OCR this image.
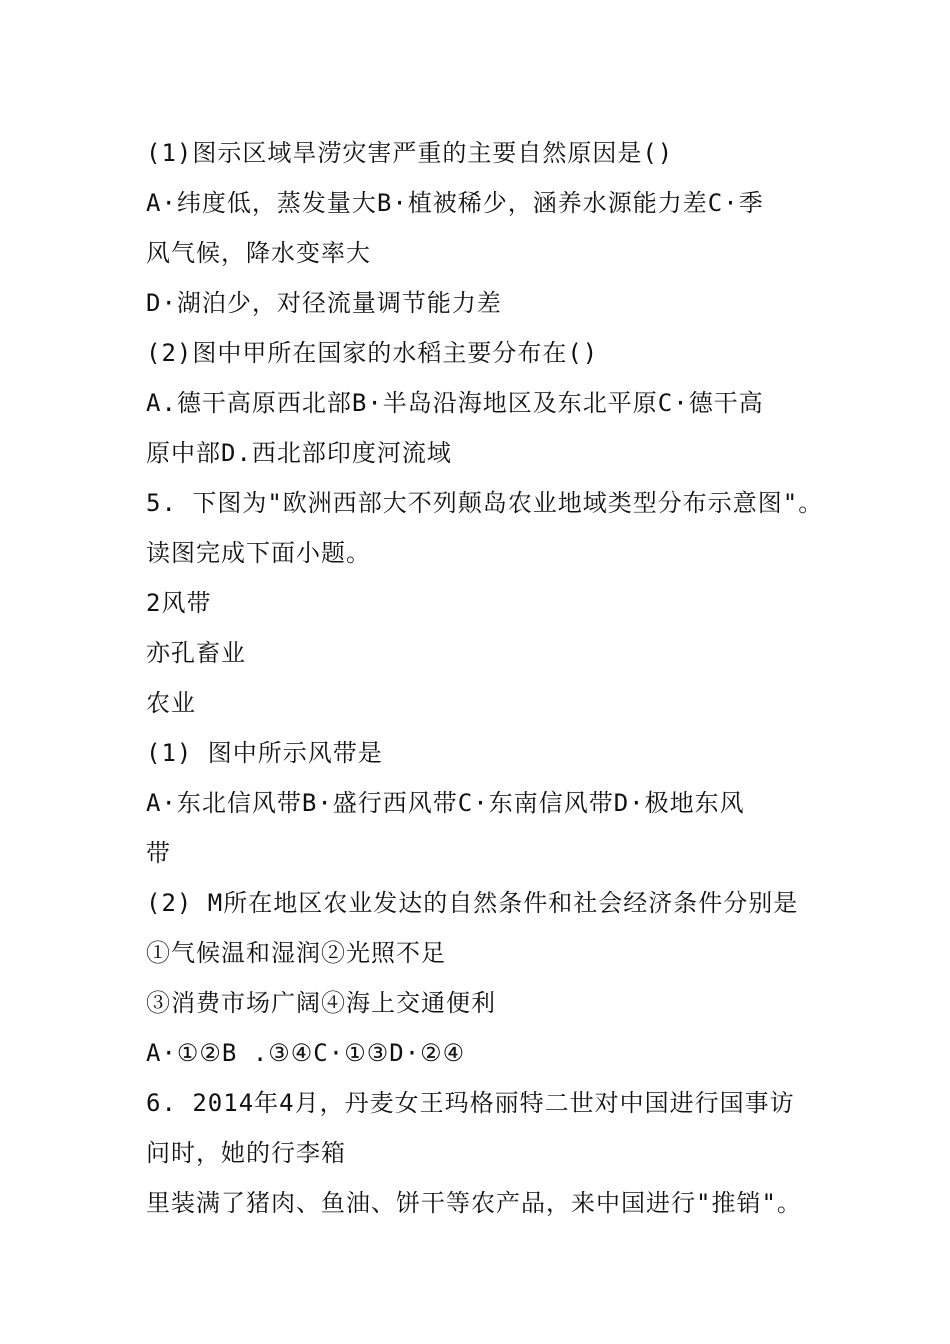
(1)图示区域旱涝灾害严重的主要自然原因是()
A·纬度低，蒸发量大B·植被稀少，涵养水源能力差C·季
风气候，降水变率大
D·湖泊少，对径流量调节能力差
(2)图中甲所在国家的水稻主要分布在()
A.德干高原西北部B·半岛沿海地区及东北平原C·德干高
原中部D.西北部印度河流域
5. 下图为"欧洲西部大不列颠岛农业地域类型分布示意图"。
读图完成下面小题。
2风带
亦孔畜业
农业
(1) 图中所示风带是
A·东北信风带B·盛行西风带C·东南信风带D·极地东风
带
(2) M所在地区农业发达的自然条件和社会经济条件分别是
①气候温和湿润②光照不足
③消费市场广阔④海上交通便利
A·①②B .③④C·①③D·②④
6. 2014年4月，丹麦女王玛格丽特二世对中国进行国事访
问时，她的行李箱
里装满了猪肉、鱼油、饼干等农产品，来中国进行"推销"。
